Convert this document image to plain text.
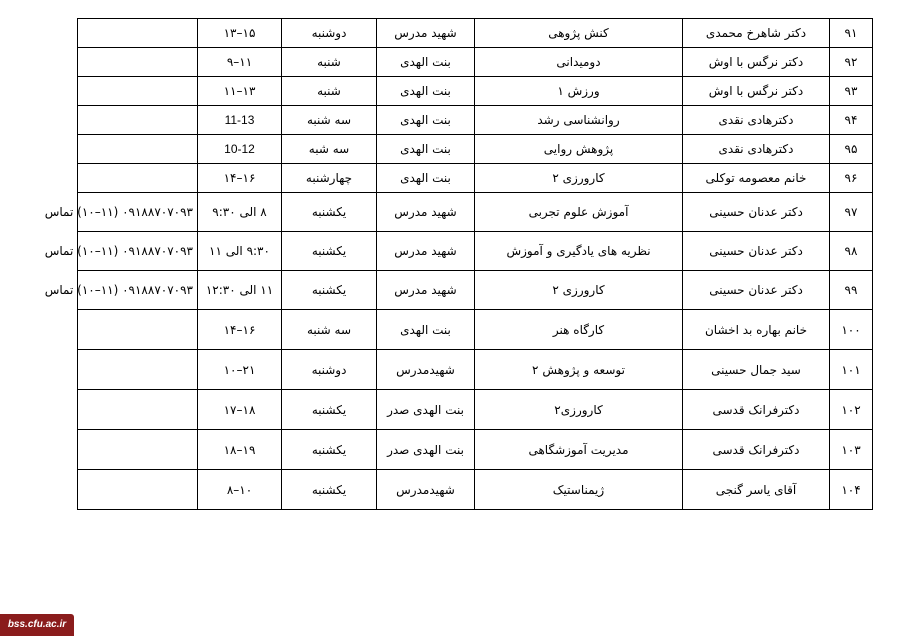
۹۱	دکتر شاهرخ محمدی	کنش پژوهی	شهید مدرس	دوشنبه	۱۵–۱۳	
۹۲	دکتر نرگس با اوش	دومیدانی	بنت الهدی	شنبه	۱۱–۹	
۹۳	دکتر نرگس با اوش	ورزش ۱	بنت الهدی	شنبه	۱۳–۱۱	
۹۴	دکترهادی نقدی	روانشناسی رشد	بنت الهدی	سه شنبه	11-13	
۹۵	دکترهادی نقدی	پژوهش روایی	بنت الهدی	سه شبه	10-12	
۹۶	خانم معصومه توکلی	کارورزی ۲	بنت الهدی	چهارشنبه	۱۶–۱۴	
۹۷	دکتر عدنان حسینی	آموزش علوم تجربی	شهید مدرس	یکشنبه	۸ الی ۹:۳۰	۰۹۱۸۸۷۰۷۰۹۳ (۱۱–۱۰) تماس
۹۸	دکتر عدنان حسینی	نظریه های یادگیری و آموزش	شهید مدرس	یکشنبه	۹:۳۰ الی ۱۱	۰۹۱۸۸۷۰۷۰۹۳ (۱۱–۱۰) تماس
۹۹	دکتر عدنان حسینی	کارورزی ۲	شهید مدرس	یکشنبه	۱۱ الی ۱۲:۳۰	۰۹۱۸۸۷۰۷۰۹۳ (۱۱–۱۰) تماس
۱۰۰	خانم بهاره بد اخشان	کارگاه هنر	بنت الهدی	سه شنبه	۱۶–۱۴	
۱۰۱	سید جمال حسینی	توسعه و پژوهش ۲	شهیدمدرس	دوشنبه	۲۱–۱۰	
۱۰۲	دکترفرانک قدسی	کارورزی۲	بنت الهدی صدر	یکشنبه	۱۸–۱۷	
۱۰۳	دکترفرانک قدسی	مدیریت آموزشگاهی	بنت الهدی صدر	یکشنبه	۱۹–۱۸	
۱۰۴	آقای یاسر گنجی	ژیمناستیک	شهیدمدرس	یکشنبه	۱۰–۸	
bss.cfu.ac.ir
